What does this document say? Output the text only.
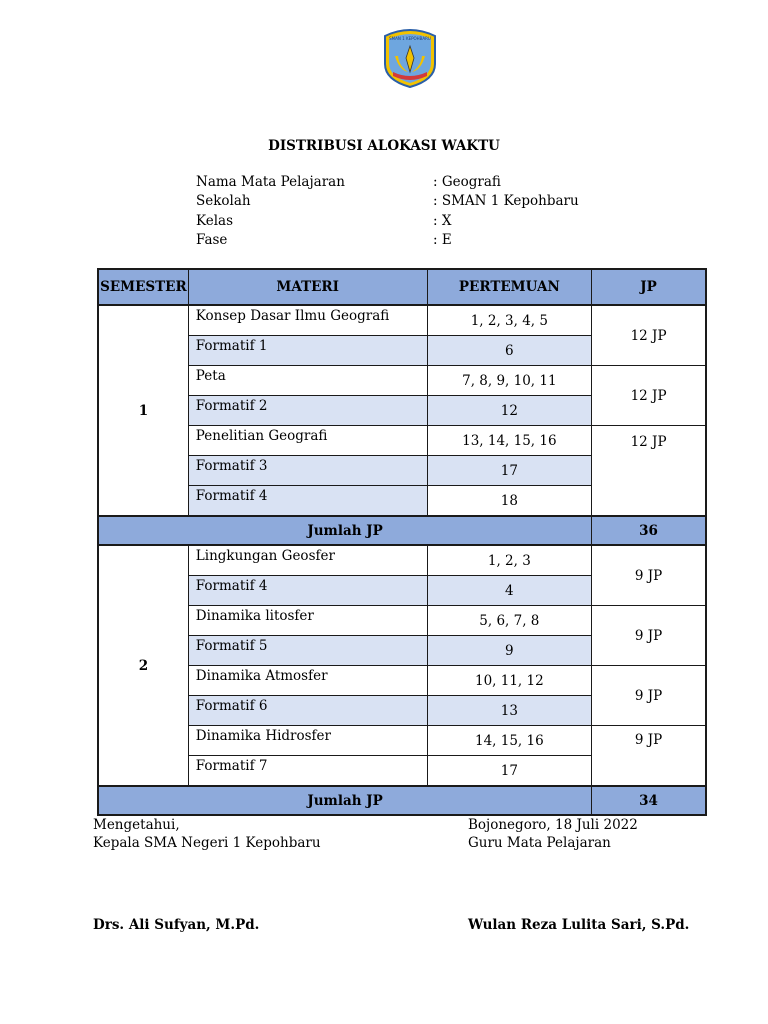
SMAN 1 KEPOHBARU
DISTRIBUSI ALOKASI WAKTU
Nama Mata Pelajaran	: Geografi
Sekolah	: SMAN 1 Kepohbaru
Kelas	: X
Fase	: E
SEMESTER	MATERI	PERTEMUAN	JP
1	Konsep Dasar Ilmu Geografi	1, 2, 3, 4, 5	12 JP
	Formatif 1	6	
	Peta	7, 8, 9, 10, 11	12 JP
	Formatif 2	12	
	Penelitian Geografi	13, 14, 15, 16	12 JP
	Formatif 3	17	
	Formatif 4	18	
Jumlah JP			36
2	Lingkungan Geosfer	1, 2, 3	9 JP
	Formatif 4	4	
	Dinamika litosfer	5, 6, 7, 8	9 JP
	Formatif 5	9	
	Dinamika Atmosfer	10, 11, 12	9 JP
	Formatif 6	13	
	Dinamika Hidrosfer	14, 15, 16	9 JP
	Formatif 7	17	
Jumlah JP			34
Mengetahui,
Kepala SMA Negeri 1 Kepohbaru
Bojonegoro, 18 Juli 2022
Guru Mata Pelajaran
Drs. Ali Sufyan, M.Pd.	Wulan Reza Lulita Sari, S.Pd.
